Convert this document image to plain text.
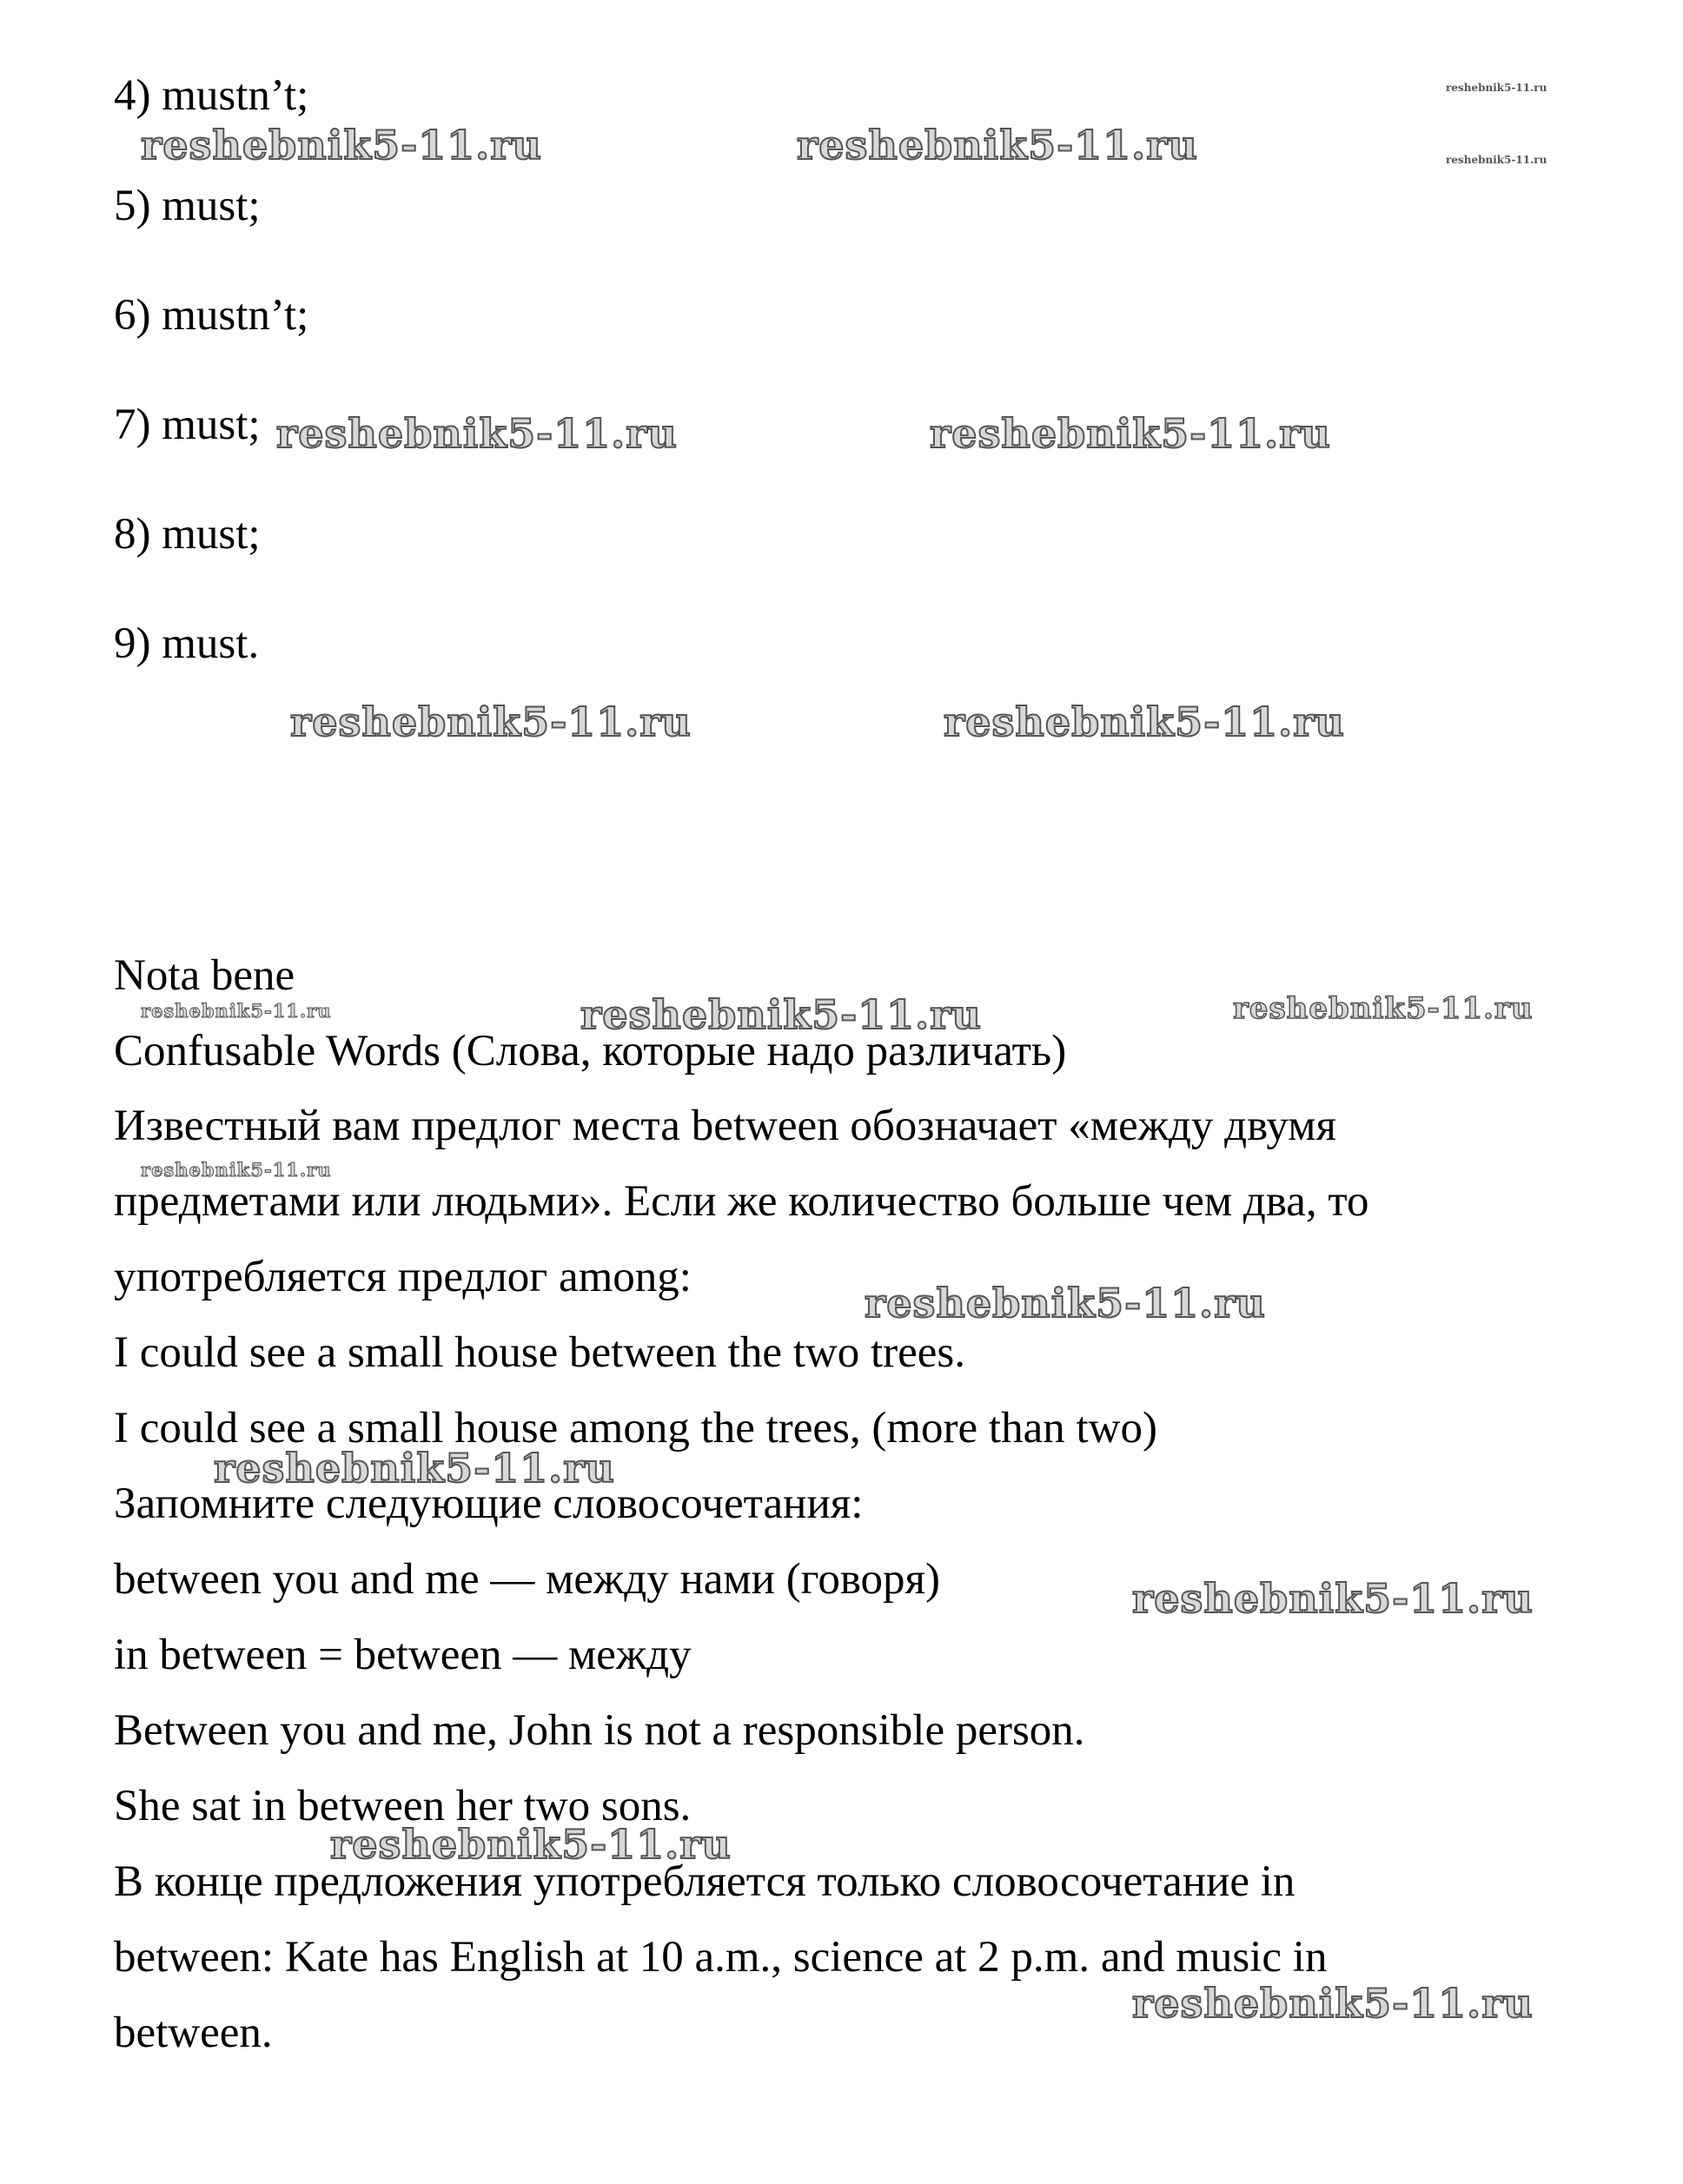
4) mustn’t;

5) must;

6) mustn’t;

7) must;

8) must;

9) must.

Nota bene

Confusable Words (Слова, которые надо различать)

Известный вам предлог места between обозначает «между двумя

предметами или людьми». Если же количество больше чем два, то

употребляется предлог among:

I could see a small house between the two trees.

I could see a small house among the trees, (more than two)

Запомните следующие словосочетания:

between you and me — между нами (говоря)

in between = between — между

Between you and me, John is not a responsible person.

She sat in between her two sons.

В конце предложения употребляется только словосочетание in

between: Kate has English at 10 a.m., science at 2 p.m. and music in

between.

reshebnik5-11.ru	reshebnik5-11.ru
reshebnik5-11.ru
reshebnik5-11.ru
reshebnik5-11.ru	reshebnik5-11.ru
reshebnik5-11.ru	reshebnik5-11.ru
reshebnik5-11.ru	reshebnik5-11.ru	reshebnik5-11.ru
reshebnik5-11.ru
reshebnik5-11.ru
reshebnik5-11.ru
reshebnik5-11.ru
reshebnik5-11.ru
reshebnik5-11.ru
